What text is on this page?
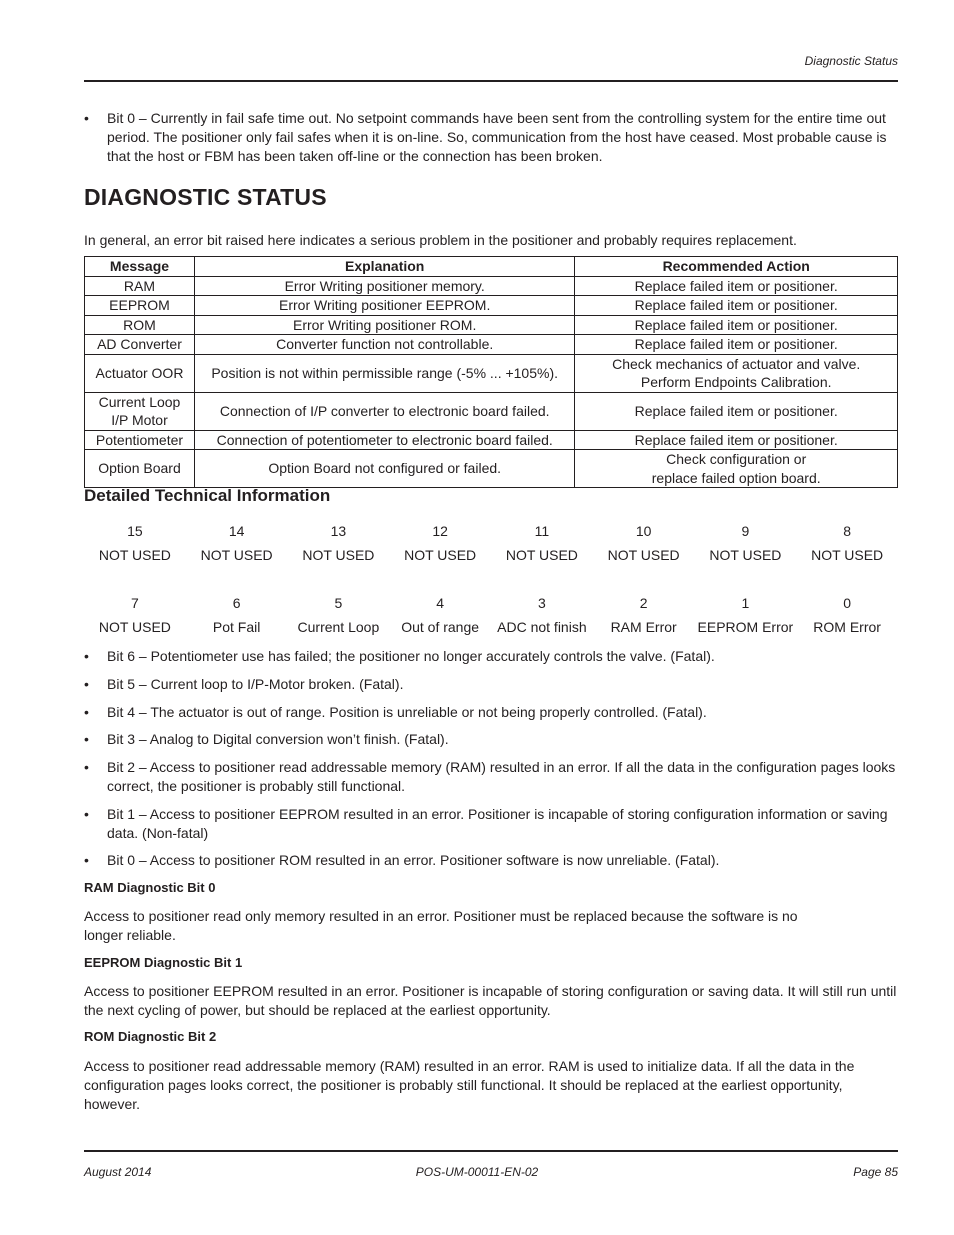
Diagnostic Status
• Bit 0 – Currently in fail safe time out. No setpoint commands have been sent from the controlling system for the entire time out period. The positioner only fail safes when it is on-line. So, communication from the host have ceased. Most probable cause is that the host or FBM has been taken off-line or the connection has been broken.
DIAGNOSTIC STATUS
In general, an error bit raised here indicates a serious problem in the positioner and probably requires replacement.
Message	Explanation	Recommended Action
RAM	Error Writing positioner memory.	Replace failed item or positioner.
EEPROM	Error Writing positioner EEPROM.	Replace failed item or positioner.
ROM	Error Writing positioner ROM.	Replace failed item or positioner.
AD Converter	Converter function not controllable.	Replace failed item or positioner.
Actuator OOR	Position is not within permissible range (-5% ... +105%).	Check mechanics of actuator and valve.
Perform Endpoints Calibration.
Current Loop
I/P Motor	Connection of I/P converter to electronic board failed.	Replace failed item or positioner.
Potentiometer	Connection of potentiometer to electronic board failed.	Replace failed item or positioner.
Option Board	Option Board not configured or failed.	Check configuration or
replace failed option board.
Detailed Technical Information
15	14	13	12	11	10	9	8
NOT USED	NOT USED	NOT USED	NOT USED	NOT USED	NOT USED	NOT USED	NOT USED
7	6	5	4	3	2	1	0
NOT USED	Pot Fail	Current Loop	Out of range	ADC not finish	RAM Error	EEPROM Error	ROM Error
• Bit 6 – Potentiometer use has failed; the positioner no longer accurately controls the valve. (Fatal).
• Bit 5 – Current loop to I/P-Motor broken. (Fatal).
• Bit 4 – The actuator is out of range. Position is unreliable or not being properly controlled. (Fatal).
• Bit 3 – Analog to Digital conversion won’t finish. (Fatal).
• Bit 2 – Access to positioner read addressable memory (RAM) resulted in an error. If all the data in the configuration pages looks correct, the positioner is probably still functional.
• Bit 1 – Access to positioner EEPROM resulted in an error. Positioner is incapable of storing configuration information or saving data. (Non-fatal)
• Bit 0 – Access to positioner ROM resulted in an error. Positioner software is now unreliable. (Fatal).
RAM Diagnostic Bit 0
Access to positioner read only memory resulted in an error. Positioner must be replaced because the software is no
longer reliable.
EEPROM Diagnostic Bit 1
Access to positioner EEPROM resulted in an error. Positioner is incapable of storing configuration or saving data. It will still run until the next cycling of power, but should be replaced at the earliest opportunity.
ROM Diagnostic Bit 2
Access to positioner read addressable memory (RAM) resulted in an error. RAM is used to initialize data. If all the data in the configuration pages looks correct, the positioner is probably still functional. It should be replaced at the earliest opportunity, however.
August 2014	POS-UM-00011-EN-02	Page 85
